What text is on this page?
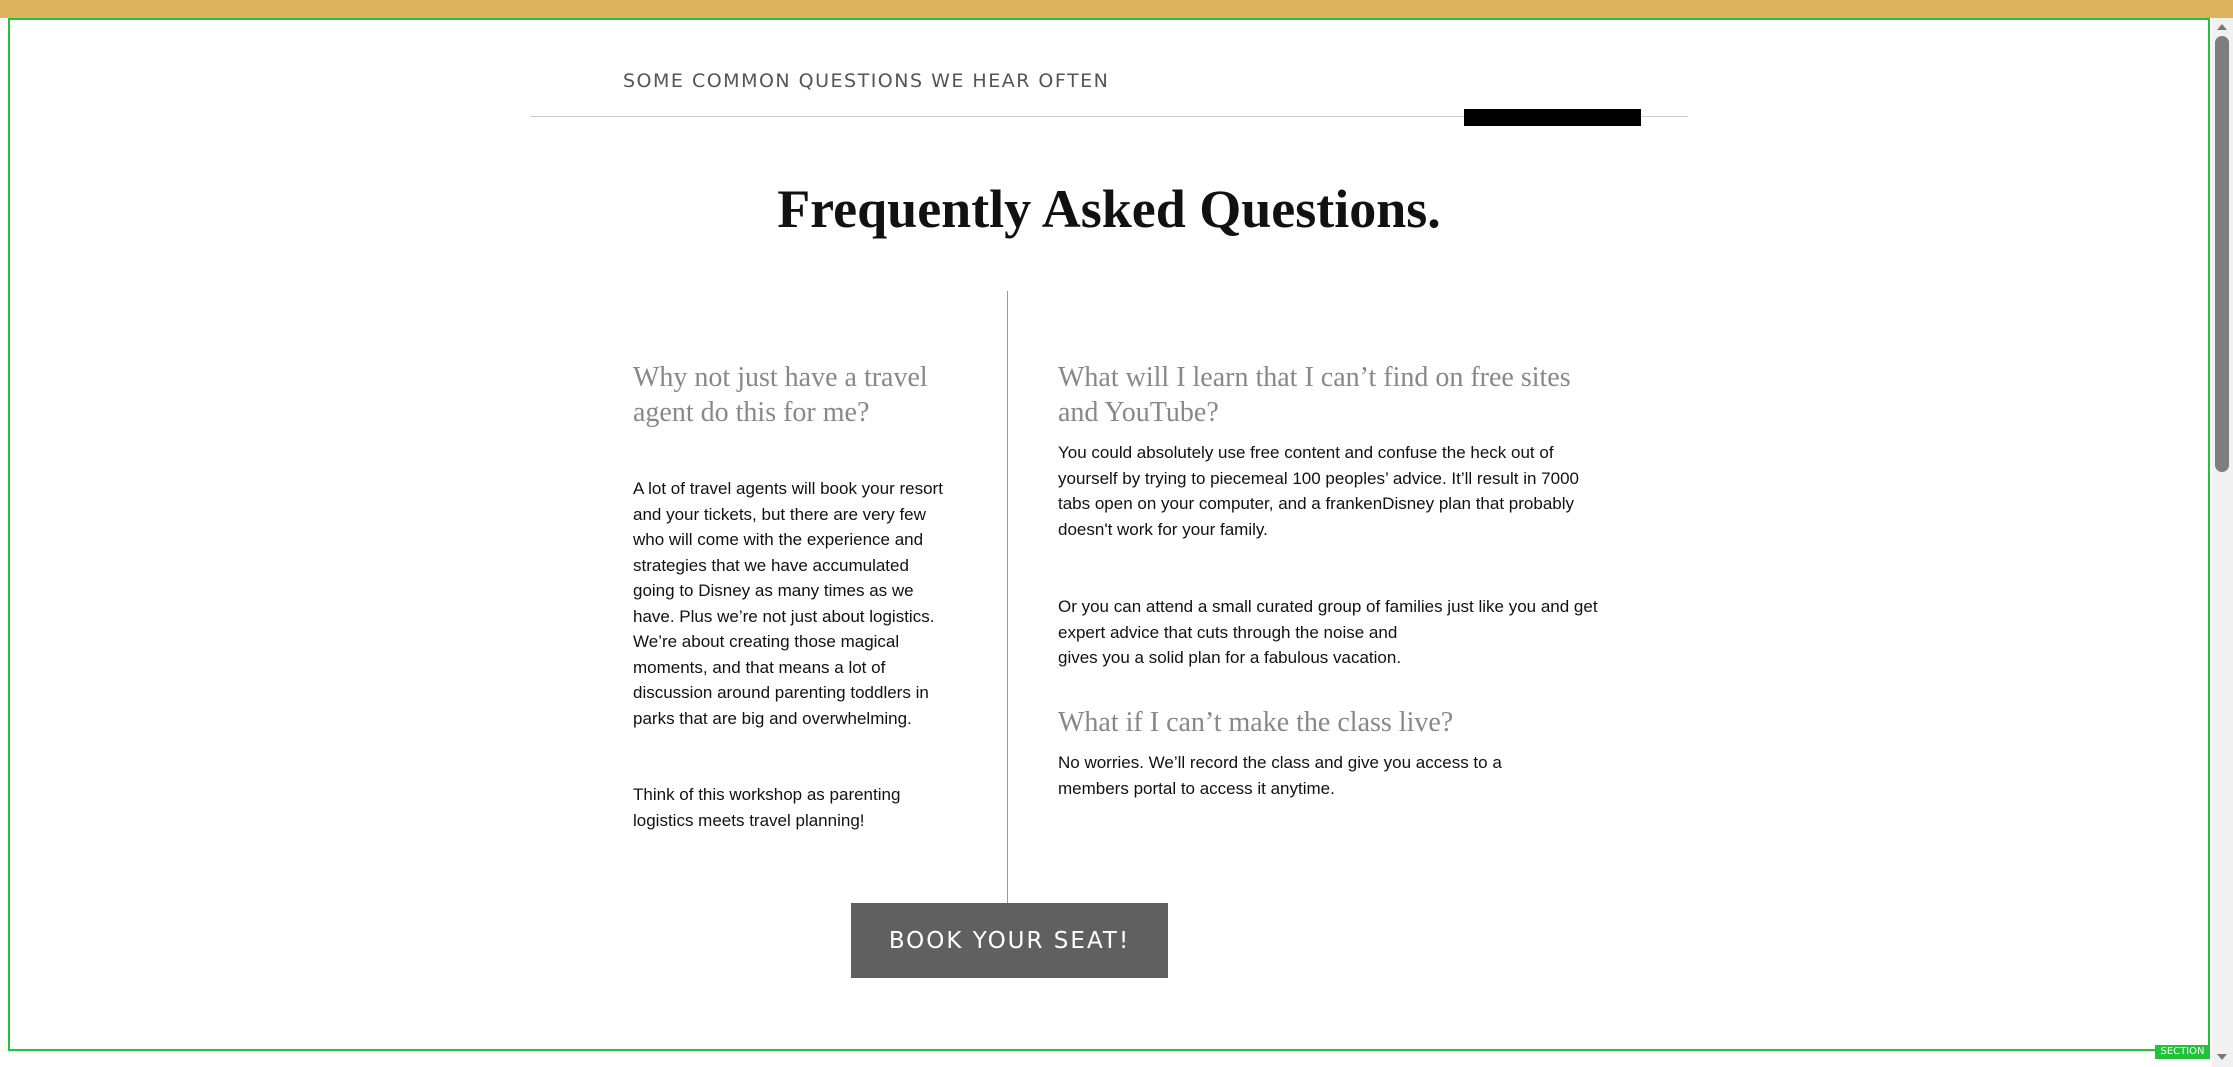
SECTION
SOME COMMON QUESTIONS WE HEAR OFTEN
Frequently Asked Questions.
Why not just have a travel agent do this for me?

A lot of travel agents will book your resort and your tickets, but there are very few who will come with the experience and strategies that we have accumulated going to Disney as many times as we have. Plus we’re not just about logistics. We’re about creating those magical moments, and that means a lot of discussion around parenting toddlers in parks that are big and overwhelming.

Think of this workshop as parenting logistics meets travel planning!

What will I learn that I can’t find on free sites and YouTube?

You could absolutely use free content and confuse the heck out of yourself by trying to piecemeal 100 peoples’ advice. It’ll result in 7000 tabs open on your computer, and a frankenDisney plan that probably doesn't work for your family.

Or you can attend a small curated group of families just like you and get expert advice that cuts through the noise and
gives you a solid plan for a fabulous vacation.
What if I can’t make the class live?

No worries. We’ll record the class and give you access to a members portal to access it anytime.

BOOK YOUR SEAT!
